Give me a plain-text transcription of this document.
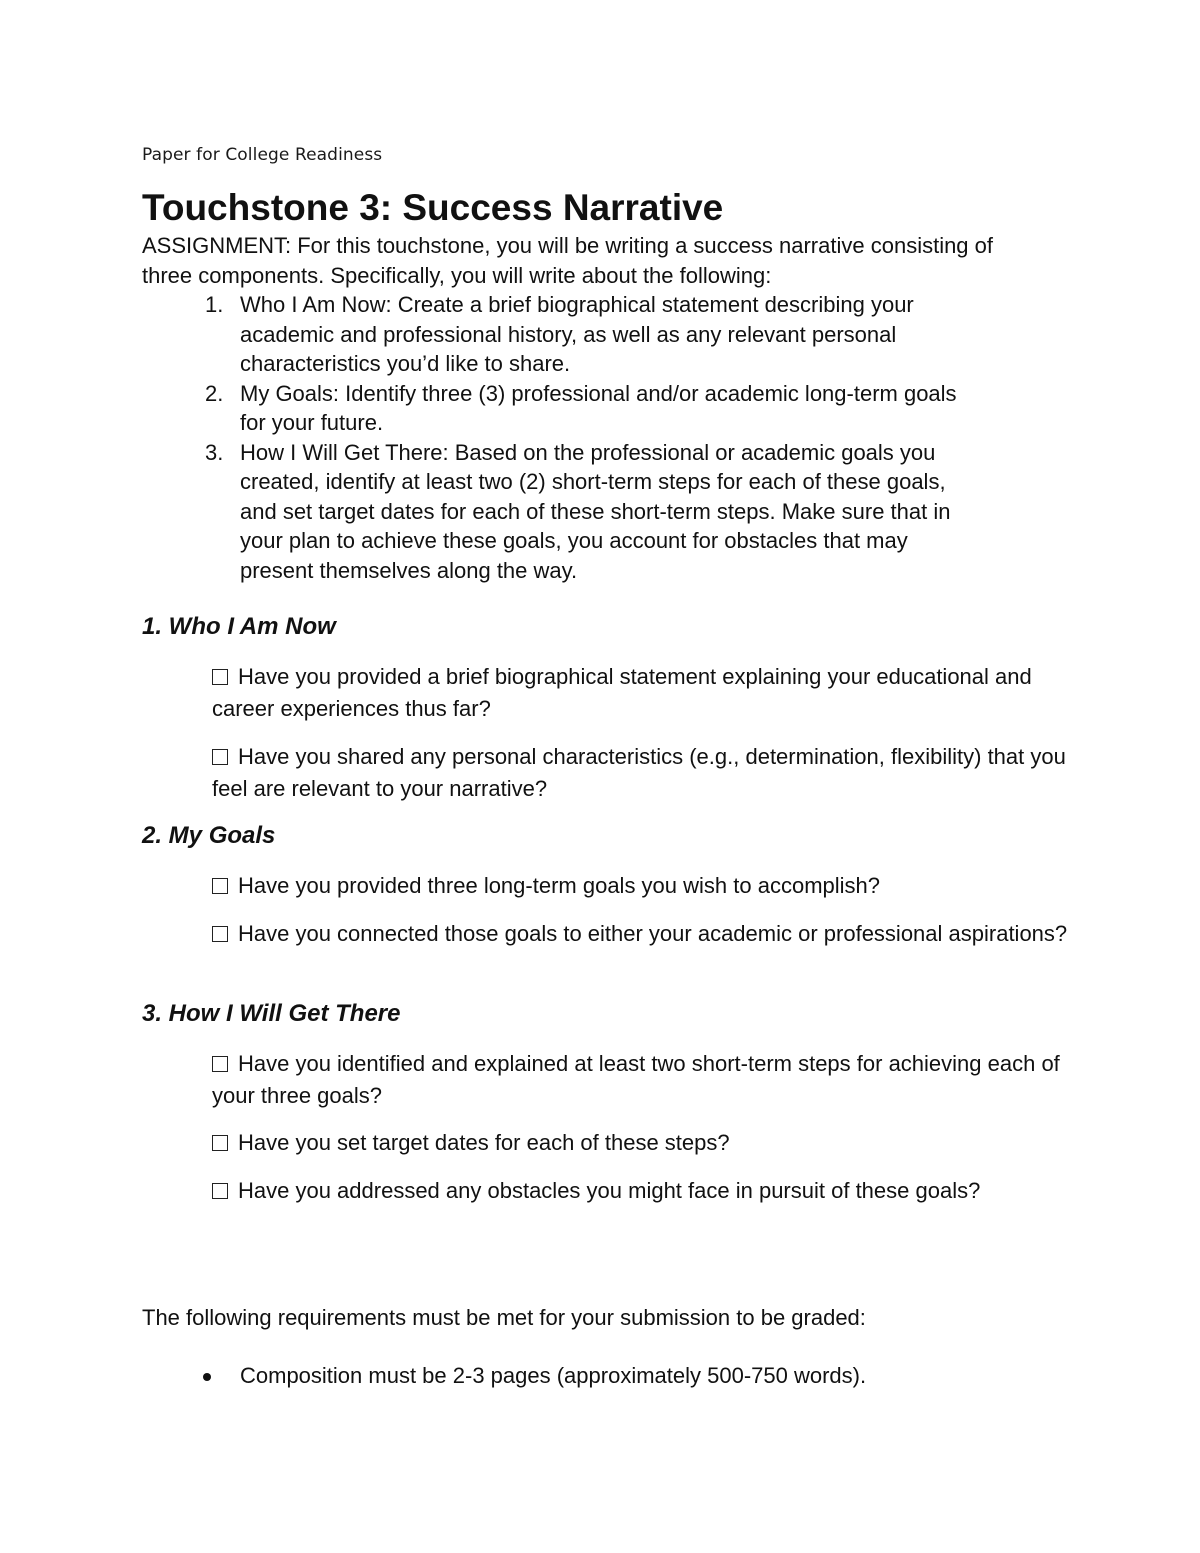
Paper for College Readiness
Touchstone 3: Success Narrative

ASSIGNMENT: For this touchstone, you will be writing a success narrative consisting of three components. Specifically, you will write about the following:

1. Who I Am Now: Create a brief biographical statement describing your academic and professional history, as well as any relevant personal characteristics you’d like to share.
2. My Goals: Identify three (3) professional and/or academic long-term goals for your future.
3. How I Will Get There: Based on the professional or academic goals you created, identify at least two (2) short-term steps for each of these goals, and set target dates for each of these short-term steps. Make sure that in your plan to achieve these goals, you account for obstacles that may present themselves along the way.
1. Who I Am Now

Have you provided a brief biographical statement explaining your educational and career experiences thus far?

Have you shared any personal characteristics (e.g., determination, flexibility) that you feel are relevant to your narrative?

2. My Goals

Have you provided three long-term goals you wish to accomplish?

Have you connected those goals to either your academic or professional aspirations?

3. How I Will Get There

Have you identified and explained at least two short-term steps for achieving each of your three goals?

Have you set target dates for each of these steps?

Have you addressed any obstacles you might face in pursuit of these goals?

The following requirements must be met for your submission to be graded:

Composition must be 2-3 pages (approximately 500-750 words).
